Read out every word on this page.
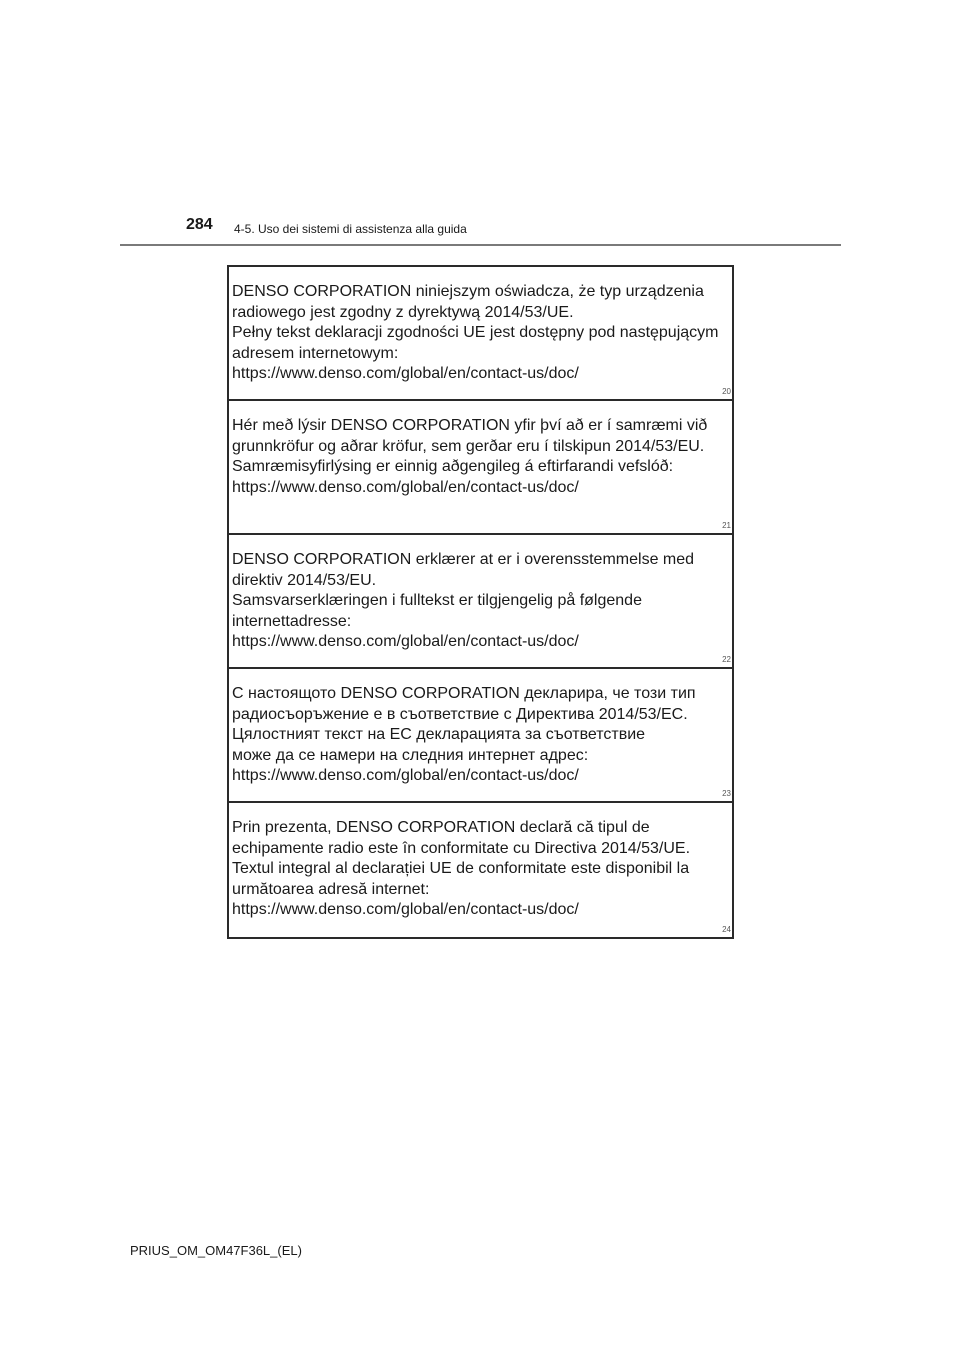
284 4-5. Uso dei sistemi di assistenza alla guida
DENSO CORPORATION niniejszym oświadcza, że typ urządzenia
radiowego jest zgodny z dyrektywą 2014/53/UE.
Pełny tekst deklaracji zgodności UE jest dostępny pod następującym
adresem internetowym:
https://www.denso.com/global/en/contact-us/doc/
20
Hér með lýsir DENSO CORPORATION yfir því að er í samræmi við
grunnkröfur og aðrar kröfur, sem gerðar eru í tilskipun 2014/53/EU.
Samræmisyfirlýsing er einnig aðgengileg á eftirfarandi vefslóð:
https://www.denso.com/global/en/contact-us/doc/
21
DENSO CORPORATION erklærer at er i overensstemmelse med
direktiv 2014/53/EU.
Samsvarserklæringen i fulltekst er tilgjengelig på følgende
internettadresse:
https://www.denso.com/global/en/contact-us/doc/
22
С настоящото DENSO CORPORATION декларира, че този тип
радиосъоръжение е в съответствие с Директива 2014/53/ЕС.
Цялостният текст на ЕС декларацията за съответствие
може да се намери на следния интернет адрес:
https://www.denso.com/global/en/contact-us/doc/
23
Prin prezenta, DENSO CORPORATION declară că tipul de
echipamente radio este în conformitate cu Directiva 2014/53/UE.
Textul integral al declarației UE de conformitate este disponibil la
următoarea adresă internet:
https://www.denso.com/global/en/contact-us/doc/
24
PRIUS_OM_OM47F36L_(EL)
